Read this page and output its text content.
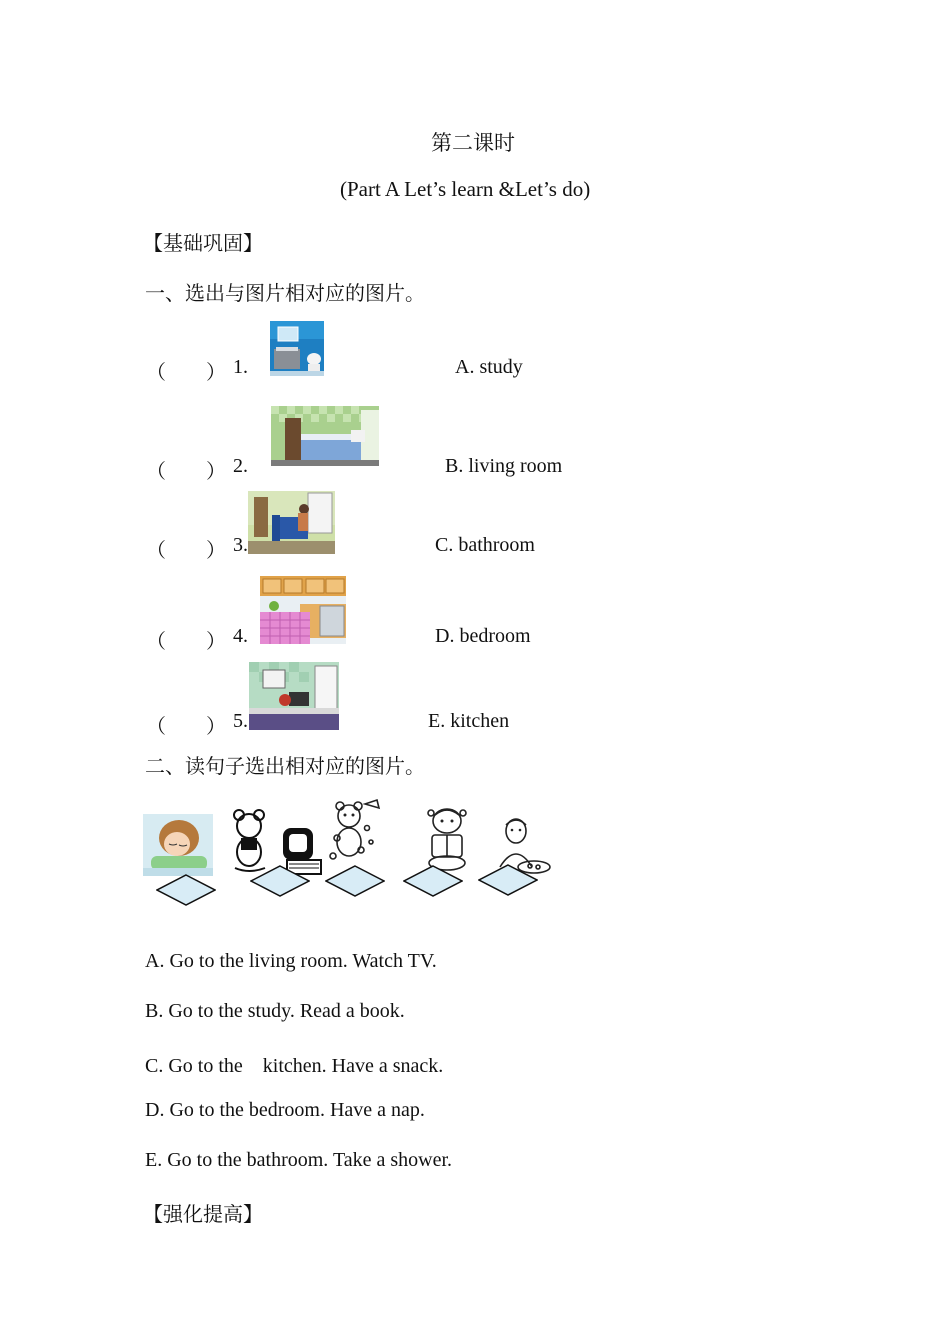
第二课时
(Part A Let’s learn &Let’s do)
【基础巩固】
一、选出与图片相对应的图片。
（　　） 1.	A. study
（　　） 2.	B. living room
（　　） 3.	C. bathroom
（　　） 4.	D. bedroom
（　　） 5.	E. kitchen
二、读句子选出相对应的图片。
A. Go to the living room. Watch TV.
B. Go to the study. Read a book.
C. Go to the　kitchen. Have a snack.
D. Go to the bedroom. Have a nap.
E. Go to the bathroom. Take a shower.
【强化提高】
